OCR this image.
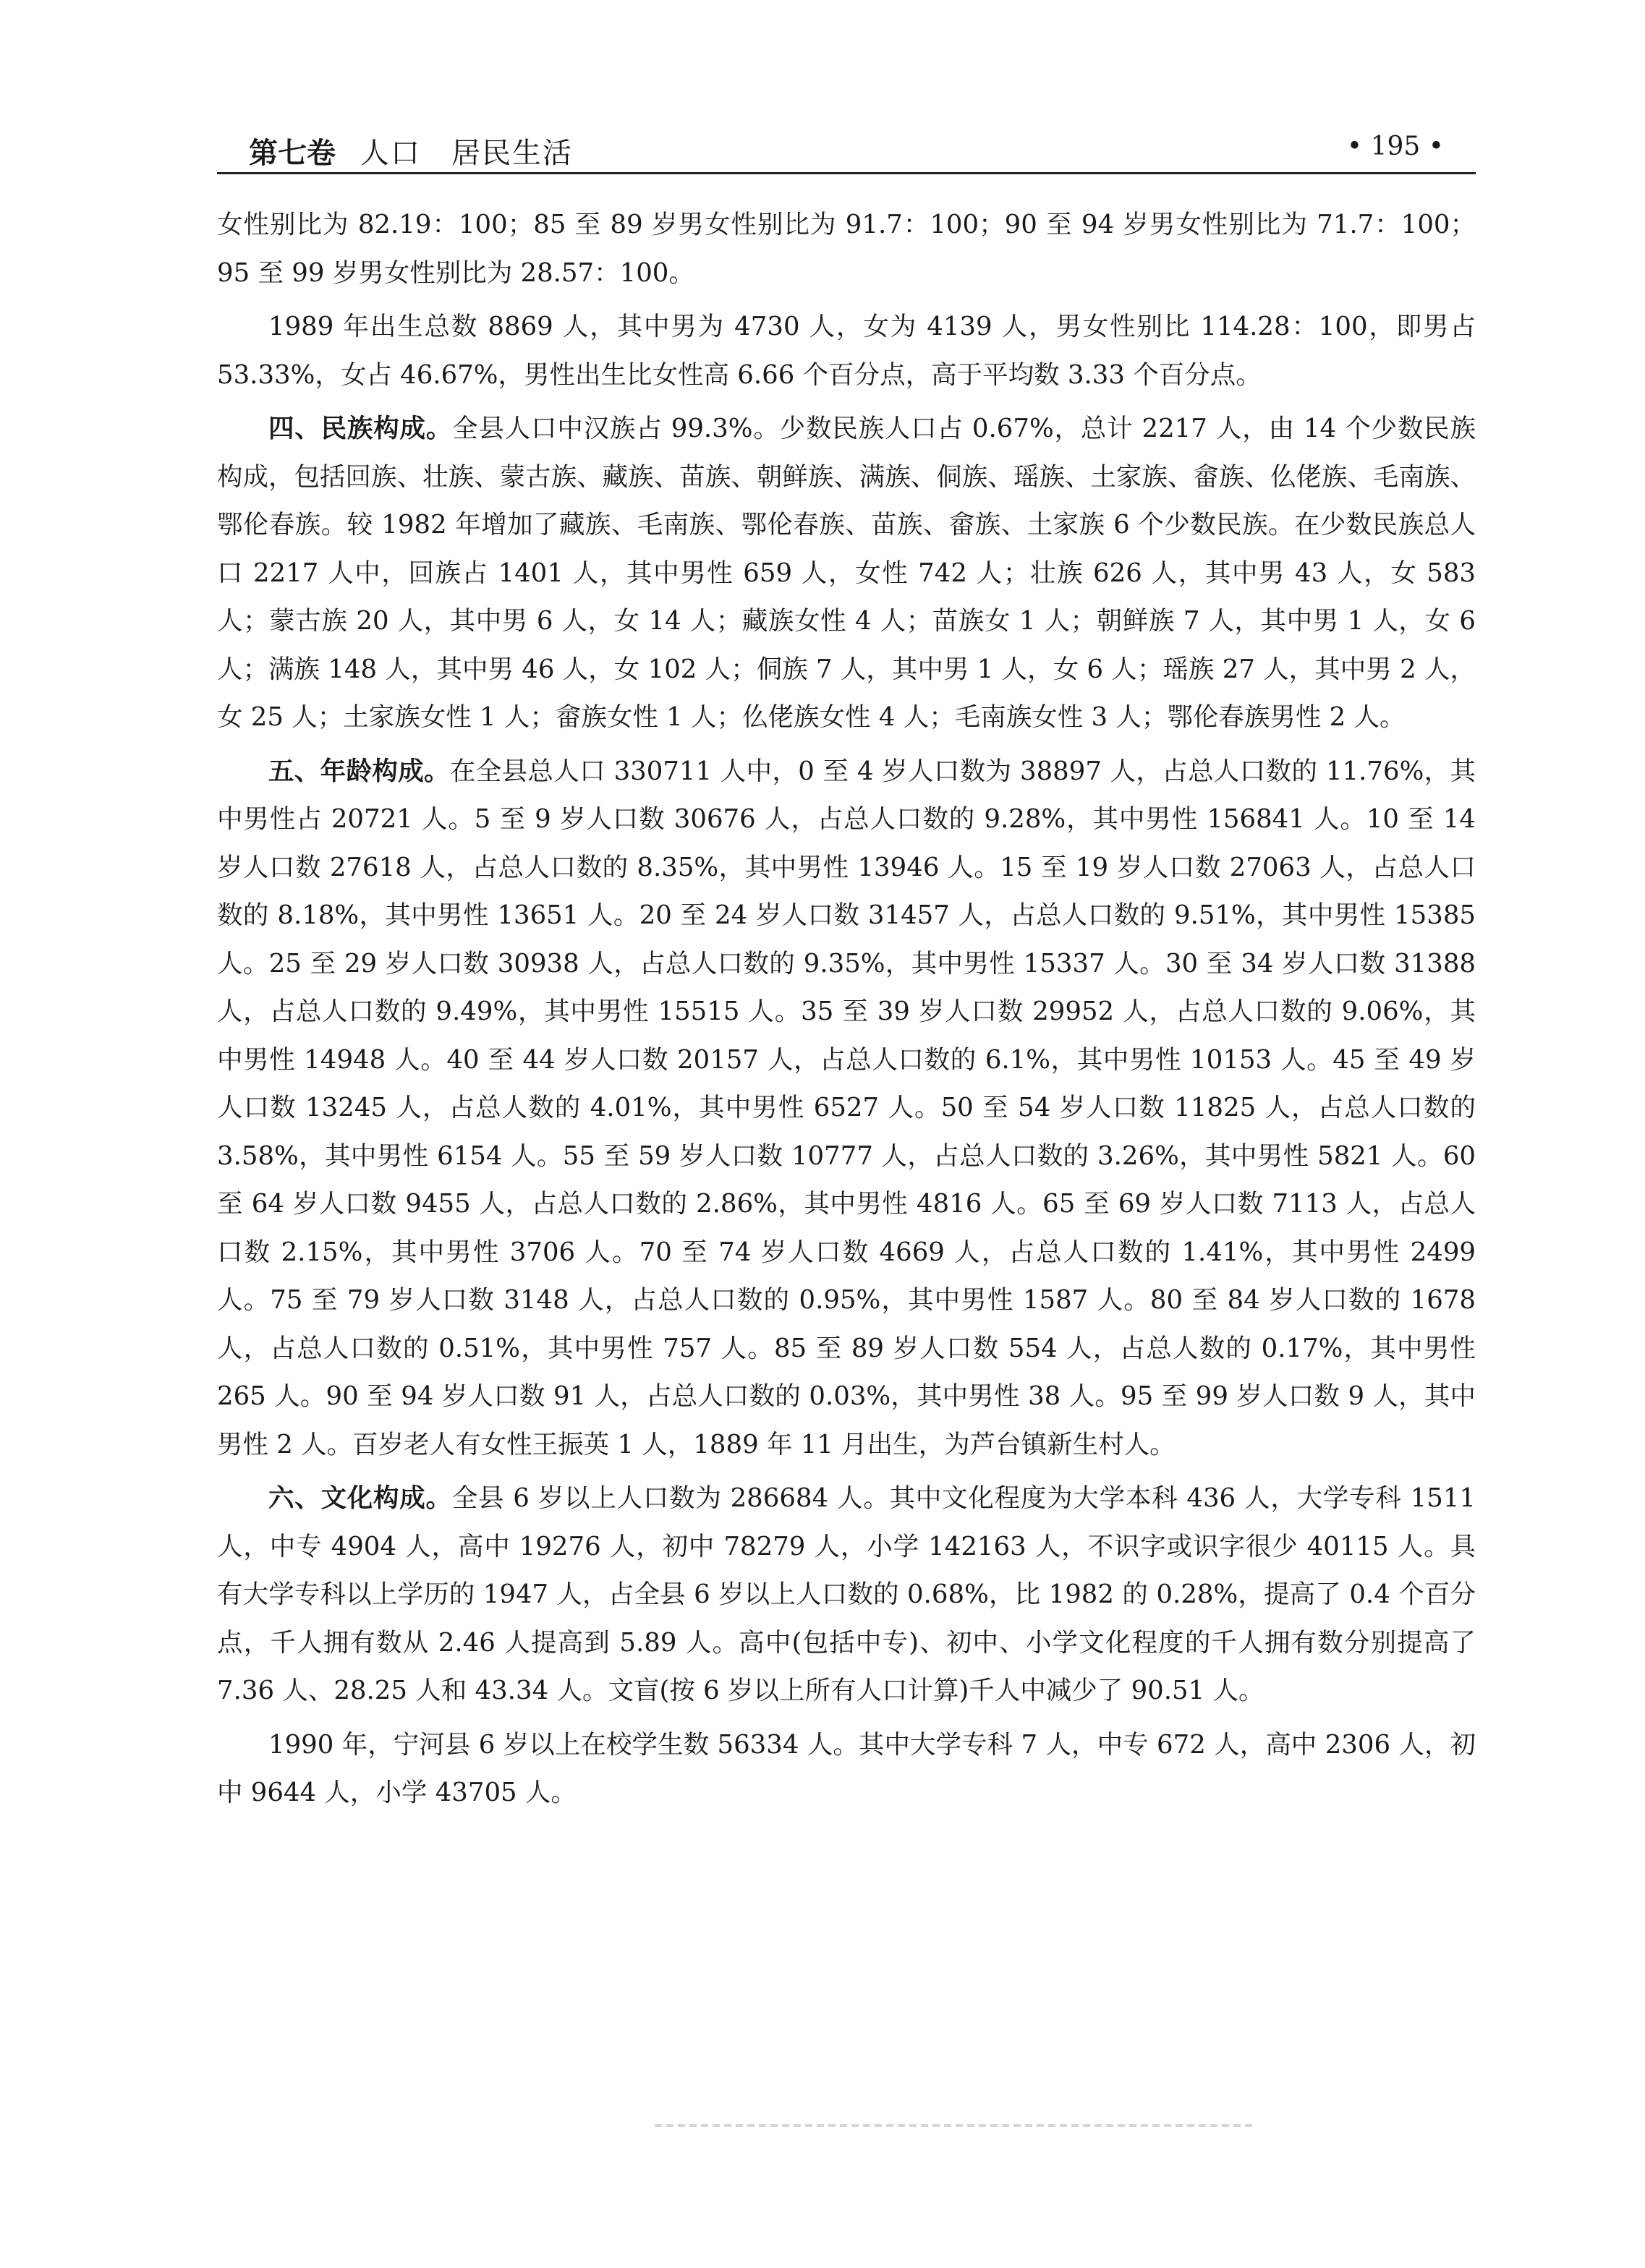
第七卷 人口　居民生活	• 195 •

女性别比为 82.19：100；85 至 89 岁男女性别比为 91.7：100；90 至 94 岁男女性别比为 71.7：100；95 至 99 岁男女性别比为 28.57：100。

1989 年出生总数 8869 人，其中男为 4730 人，女为 4139 人，男女性别比 114.28：100，即男占 53.33%，女占 46.67%，男性出生比女性高 6.66 个百分点，高于平均数 3.33 个百分点。

四、民族构成。全县人口中汉族占 99.3%。少数民族人口占 0.67%，总计 2217 人，由 14 个少数民族构成，包括回族、壮族、蒙古族、藏族、苗族、朝鲜族、满族、侗族、瑶族、土家族、畲族、仫佬族、毛南族、鄂伦春族。较 1982 年增加了藏族、毛南族、鄂伦春族、苗族、畲族、土家族 6 个少数民族。在少数民族总人口 2217 人中，回族占 1401 人，其中男性 659 人，女性 742 人；壮族 626 人，其中男 43 人，女 583 人；蒙古族 20 人，其中男 6 人，女 14 人；藏族女性 4 人；苗族女 1 人；朝鲜族 7 人，其中男 1 人，女 6 人；满族 148 人，其中男 46 人，女 102 人；侗族 7 人，其中男 1 人，女 6 人；瑶族 27 人，其中男 2 人，女 25 人；土家族女性 1 人；畲族女性 1 人；仫佬族女性 4 人；毛南族女性 3 人；鄂伦春族男性 2 人。

五、年龄构成。在全县总人口 330711 人中，0 至 4 岁人口数为 38897 人，占总人口数的 11.76%，其中男性占 20721 人。5 至 9 岁人口数 30676 人，占总人口数的 9.28%，其中男性 156841 人。10 至 14 岁人口数 27618 人，占总人口数的 8.35%，其中男性 13946 人。15 至 19 岁人口数 27063 人，占总人口数的 8.18%，其中男性 13651 人。20 至 24 岁人口数 31457 人，占总人口数的 9.51%，其中男性 15385 人。25 至 29 岁人口数 30938 人，占总人口数的 9.35%，其中男性 15337 人。30 至 34 岁人口数 31388 人，占总人口数的 9.49%，其中男性 15515 人。35 至 39 岁人口数 29952 人，占总人口数的 9.06%，其中男性 14948 人。40 至 44 岁人口数 20157 人，占总人口数的 6.1%，其中男性 10153 人。45 至 49 岁人口数 13245 人，占总人数的 4.01%，其中男性 6527 人。50 至 54 岁人口数 11825 人，占总人口数的 3.58%，其中男性 6154 人。55 至 59 岁人口数 10777 人，占总人口数的 3.26%，其中男性 5821 人。60 至 64 岁人口数 9455 人，占总人口数的 2.86%，其中男性 4816 人。65 至 69 岁人口数 7113 人，占总人口数 2.15%，其中男性 3706 人。70 至 74 岁人口数 4669 人，占总人口数的 1.41%，其中男性 2499 人。75 至 79 岁人口数 3148 人，占总人口数的 0.95%，其中男性 1587 人。80 至 84 岁人口数的 1678 人，占总人口数的 0.51%，其中男性 757 人。85 至 89 岁人口数 554 人，占总人数的 0.17%，其中男性 265 人。90 至 94 岁人口数 91 人，占总人口数的 0.03%，其中男性 38 人。95 至 99 岁人口数 9 人，其中男性 2 人。百岁老人有女性王振英 1 人，1889 年 11 月出生，为芦台镇新生村人。

六、文化构成。全县 6 岁以上人口数为 286684 人。其中文化程度为大学本科 436 人，大学专科 1511 人，中专 4904 人，高中 19276 人，初中 78279 人，小学 142163 人，不识字或识字很少 40115 人。具有大学专科以上学历的 1947 人，占全县 6 岁以上人口数的 0.68%，比 1982 的 0.28%，提高了 0.4 个百分点，千人拥有数从 2.46 人提高到 5.89 人。高中(包括中专)、初中、小学文化程度的千人拥有数分别提高了 7.36 人、28.25 人和 43.34 人。文盲(按 6 岁以上所有人口计算)千人中减少了 90.51 人。

1990 年，宁河县 6 岁以上在校学生数 56334 人。其中大学专科 7 人，中专 672 人，高中 2306 人，初中 9644 人，小学 43705 人。
